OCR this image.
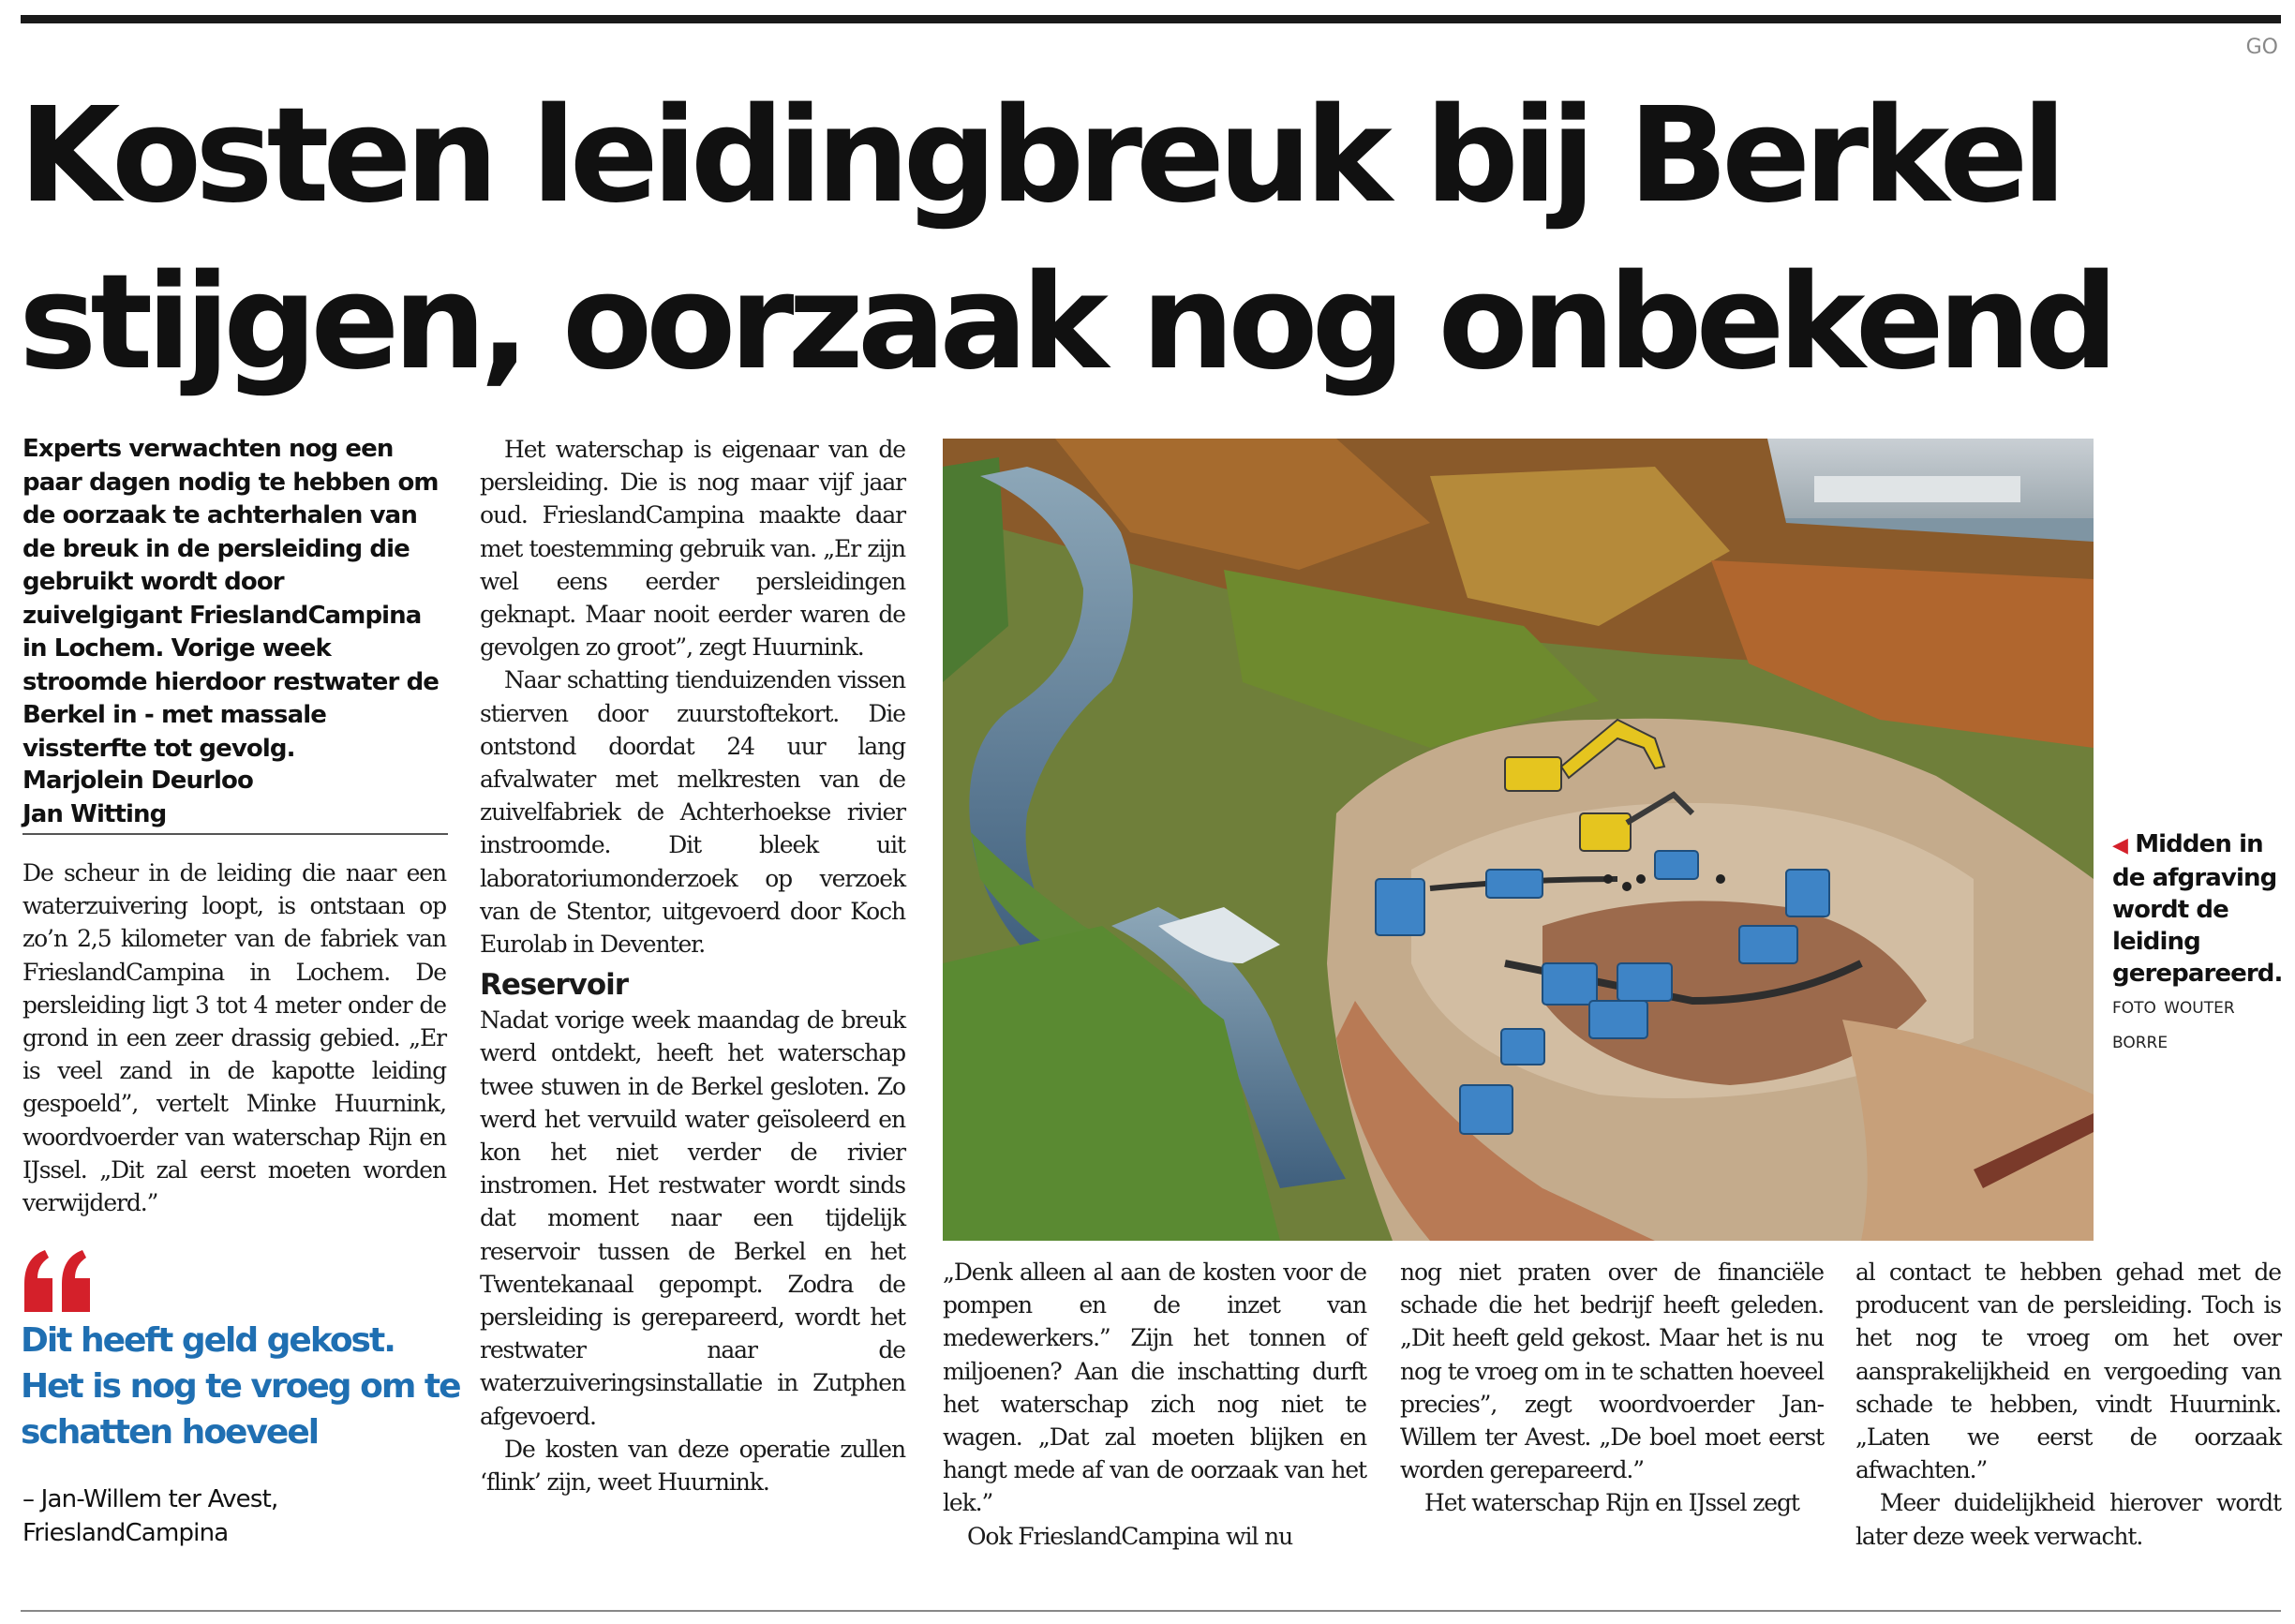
GO
Kosten leidingbreuk bij Berkel
stijgen, oorzaak nog onbekend

Experts verwachten nog een paar dagen nodig te hebben om de oorzaak te achterhalen van de breuk in de persleiding die gebruikt wordt door zuivelgigant FrieslandCampina in Lochem. Vorige week stroomde hierdoor restwater de Berkel in - met massale vissterfte tot gevolg.

Marjolein Deurloo
Jan Witting

De scheur in de leiding die naar een waterzuivering loopt, is ontstaan op zo’n 2,5 kilometer van de fabriek van FrieslandCampina in Lochem. De persleiding ligt 3 tot 4 meter onder de grond in een zeer drassig gebied. „Er is veel zand in de kapotte leiding gespoeld”, vertelt Minke Huurnink, woordvoerder van waterschap Rijn en IJssel. „Dit zal eerst moeten worden verwijderd.”

Dit heeft geld gekost. Het is nog te vroeg om te schatten hoeveel

– Jan-Willem ter Avest,
FrieslandCampina

Het waterschap is eigenaar van de persleiding. Die is nog maar vijf jaar oud. FrieslandCampina maakte daar met toestemming gebruik van. „Er zijn wel eens eerder persleidingen geknapt. Maar nooit eerder waren de gevolgen zo groot”, zegt Huurnink.

Naar schatting tienduizenden vissen stierven door zuurstoftekort. Die ontstond doordat 24 uur lang afvalwater met melkresten van de zuivelfabriek de Achterhoekse rivier instroomde. Dit bleek uit laboratoriumonderzoek op verzoek van de Stentor, uitgevoerd door Koch Eurolab in Deventer.

Reservoir

Nadat vorige week maandag de breuk werd ontdekt, heeft het waterschap twee stuwen in de Berkel gesloten. Zo werd het vervuild water geïsoleerd en kon het niet verder de rivier instromen. Het restwater wordt sinds dat moment naar een tijdelijk reservoir tussen de Berkel en het Twentekanaal gepompt. Zodra de persleiding is gerepareerd, wordt het restwater naar de waterzuiveringsinstallatie in Zutphen afgevoerd.

De kosten van deze operatie zullen ‘flink’ zijn, weet Huurnink.

„Denk alleen al aan de kosten voor de pompen en de inzet van medewerkers.” Zijn het tonnen of miljoenen? Aan die inschatting durft het waterschap zich nog niet te wagen. „Dat zal moeten blijken en hangt mede af van de oorzaak van het lek.”

Ook FrieslandCampina wil nu

nog niet praten over de financiële schade die het bedrijf heeft geleden. „Dit heeft geld gekost. Maar het is nu nog te vroeg om in te schatten hoeveel precies”, zegt woordvoerder Jan-Willem ter Avest. „De boel moet eerst worden gerepareerd.”

Het waterschap Rijn en IJssel zegt

al contact te hebben gehad met de producent van de persleiding. Toch is het nog te vroeg om het over aansprakelijkheid en vergoeding van schade te hebben, vindt Huurnink. „Laten we eerst de oorzaak afwachten.”

Meer duidelijkheid hierover wordt later deze week verwacht.

◀ Midden in de afgraving wordt de leiding gerepareerd. FOTO WOUTER BORRE
